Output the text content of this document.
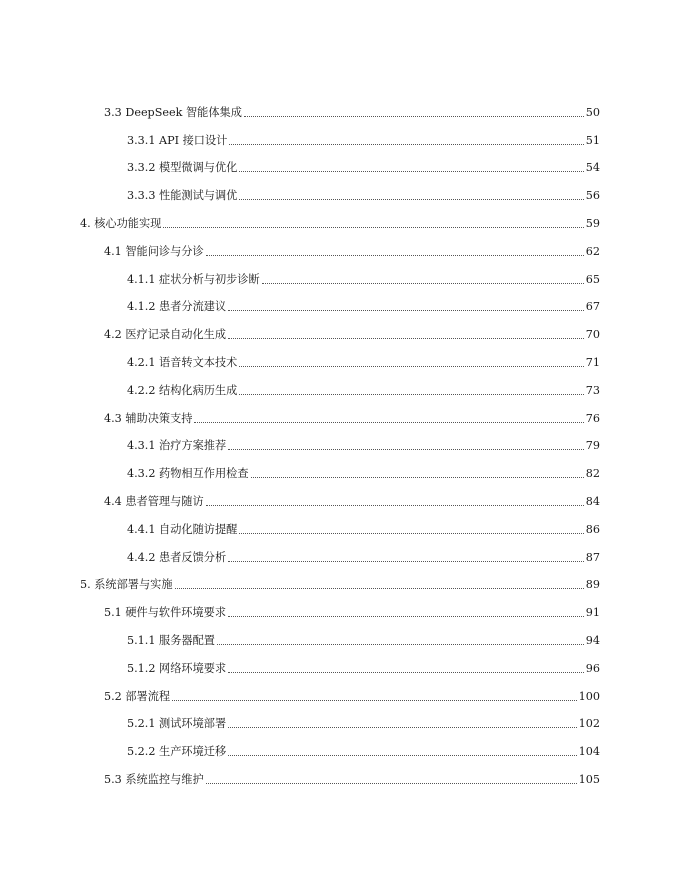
3.3 DeepSeek 智能体集成	50
3.3.1 API 接口设计	51
3.3.2 模型微调与优化	54
3.3.3 性能测试与调优	56
4. 核心功能实现	59
4.1 智能问诊与分诊	62
4.1.1 症状分析与初步诊断	65
4.1.2 患者分流建议	67
4.2 医疗记录自动化生成	70
4.2.1 语音转文本技术	71
4.2.2 结构化病历生成	73
4.3 辅助决策支持	76
4.3.1 治疗方案推荐	79
4.3.2 药物相互作用检查	82
4.4 患者管理与随访	84
4.4.1 自动化随访提醒	86
4.4.2 患者反馈分析	87
5. 系统部署与实施	89
5.1 硬件与软件环境要求	91
5.1.1 服务器配置	94
5.1.2 网络环境要求	96
5.2 部署流程	100
5.2.1 测试环境部署	102
5.2.2 生产环境迁移	104
5.3 系统监控与维护	105
